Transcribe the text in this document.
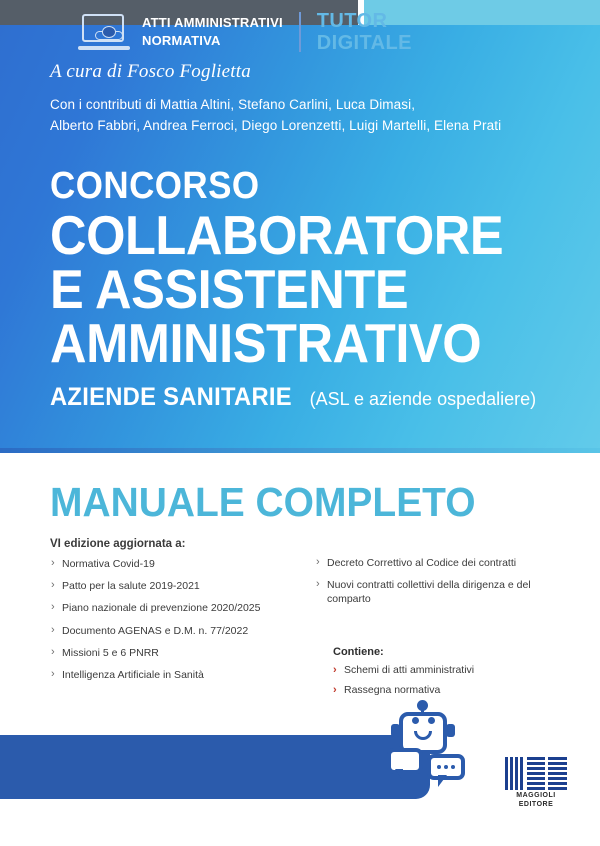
A cura di Fosco Foglietta
Con i contributi di Mattia Altini, Stefano Carlini, Luca Dimasi,
Alberto Fabbri, Andrea Ferroci, Diego Lorenzetti, Luigi Martelli, Elena Prati
CONCORSO
COLLABORATORE
E ASSISTENTE
AMMINISTRATIVO
AZIENDE SANITARIE (ASL e aziende ospedaliere)
MANUALE COMPLETO
VI edizione aggiornata a:
› Normativa Covid-19
› Patto per la salute 2019-2021
› Piano nazionale di prevenzione 2020/2025
› Documento AGENAS e D.M. n. 77/2022
› Missioni 5 e 6 PNRR
› Intelligenza Artificiale in Sanità
› Decreto Correttivo al Codice dei contratti
› Nuovi contratti collettivi della dirigenza e del comparto
Contiene:
› Schemi di atti amministrativi
› Rassegna normativa
ATTI AMMINISTRATIVI
NORMATIVA
TUTOR
DIGITALE
MAGGIOLI
EDITORE
